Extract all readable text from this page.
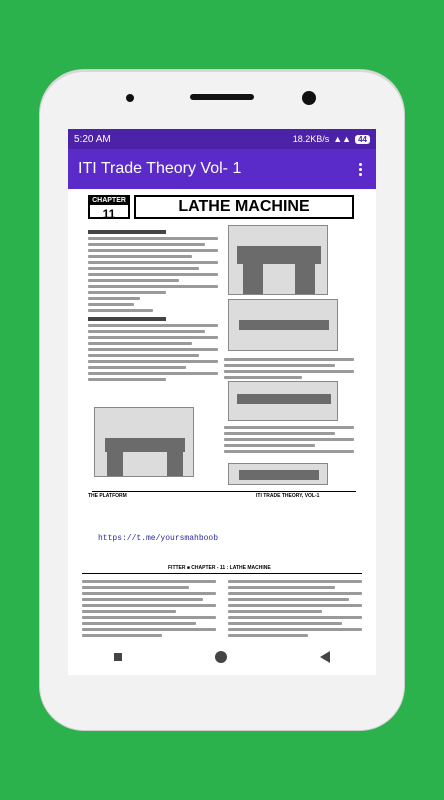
5:20 AM	18.2KB/s ▲▲ 44
ITI Trade Theory Vol- 1
CHAPTER
11	LATHE MACHINE
THE PLATFORM	ITI TRADE THEORY, VOL-1
https://t.me/yoursmahboob
FITTER ■ CHAPTER - 11 : LATHE MACHINE
